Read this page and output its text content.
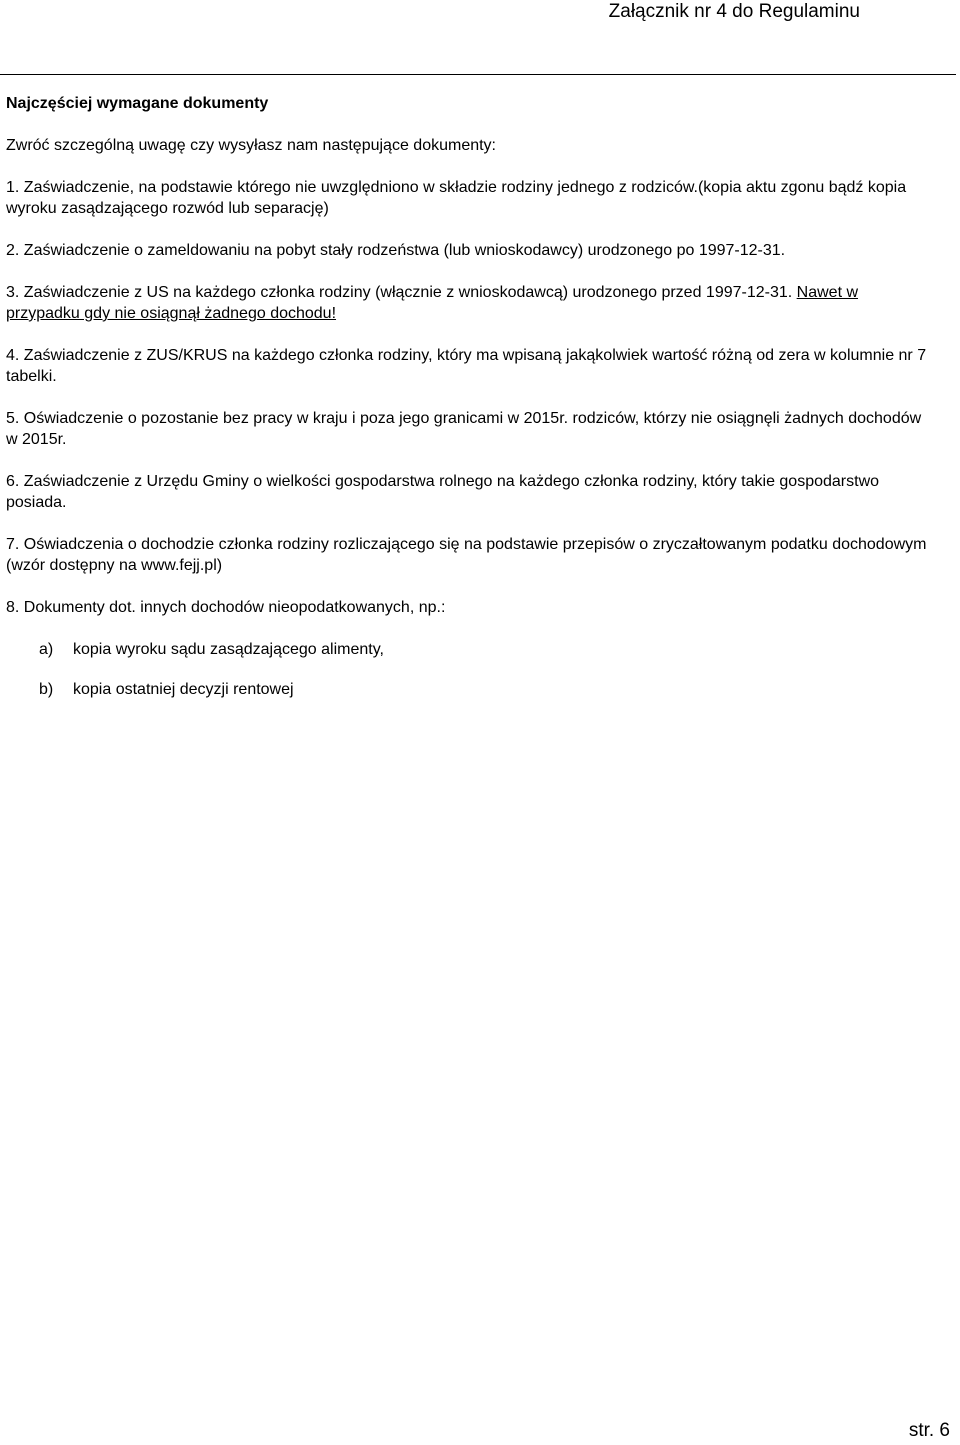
Załącznik nr 4 do Regulaminu
Najczęściej wymagane dokumenty
Zwróć szczególną uwagę czy wysyłasz nam następujące dokumenty:
1. Zaświadczenie, na podstawie którego nie uwzględniono w składzie rodziny jednego z rodziców.(kopia aktu zgonu bądź kopia wyroku zasądzającego rozwód lub separację)
2. Zaświadczenie o zameldowaniu na pobyt stały rodzeństwa (lub wnioskodawcy) urodzonego po 1997-12-31.
3. Zaświadczenie z US na każdego członka rodziny (włącznie z wnioskodawcą) urodzonego przed 1997-12-31. Nawet w przypadku gdy nie osiągnął żadnego dochodu!
4. Zaświadczenie z ZUS/KRUS na każdego członka rodziny, który ma wpisaną jakąkolwiek wartość różną od zera w kolumnie nr 7 tabelki.
5. Oświadczenie o pozostanie bez pracy w kraju i poza jego granicami w 2015r. rodziców, którzy nie osiągnęli żadnych dochodów w 2015r.
6. Zaświadczenie z Urzędu Gminy o wielkości gospodarstwa rolnego na każdego członka rodziny, który takie gospodarstwo posiada.
7. Oświadczenia o dochodzie członka rodziny rozliczającego się na podstawie przepisów o zryczałtowanym podatku dochodowym (wzór dostępny na www.fejj.pl)
8. Dokumenty dot. innych dochodów nieopodatkowanych, np.:
a)	kopia wyroku sądu zasądzającego alimenty,
b)	kopia ostatniej decyzji rentowej
str. 6
